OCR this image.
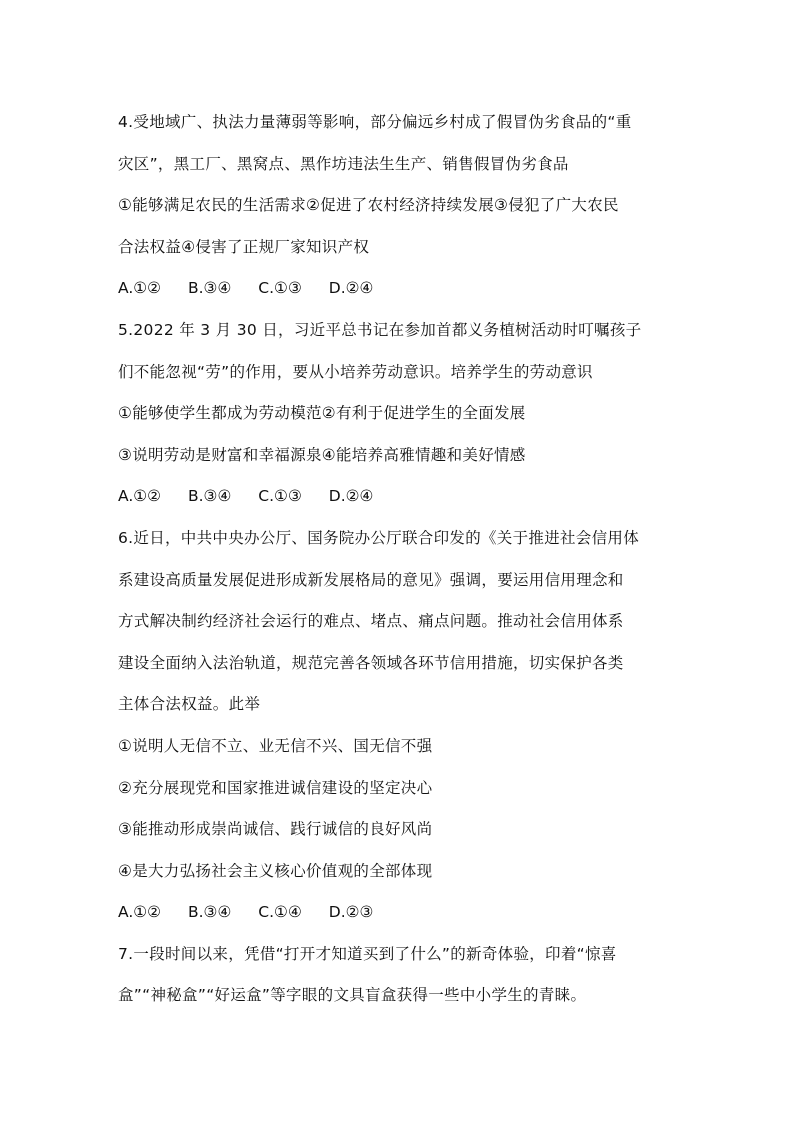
4.受地域广、执法力量薄弱等影响，部分偏远乡村成了假冒伪劣食品的“重
灾区”，黑工厂、黑窝点、黑作坊违法生生产、销售假冒伪劣食品
①能够满足农民的生活需求②促进了农村经济持续发展③侵犯了广大农民
合法权益④侵害了正规厂家知识产权
A.①② B.③④ C.①③ D.②④
5.2022 年 3 月 30 日，习近平总书记在参加首都义务植树活动时叮嘱孩子
们不能忽视“劳”的作用，要从小培养劳动意识。培养学生的劳动意识
①能够使学生都成为劳动模范②有利于促进学生的全面发展
③说明劳动是财富和幸福源泉④能培养高雅情趣和美好情感
A.①② B.③④ C.①③ D.②④
6.近日，中共中央办公厅、国务院办公厅联合印发的《关于推进社会信用体
系建设高质量发展促进形成新发展格局的意见》强调，要运用信用理念和
方式解决制约经济社会运行的难点、堵点、痛点问题。推动社会信用体系
建设全面纳入法治轨道，规范完善各领域各环节信用措施，切实保护各类
主体合法权益。此举
①说明人无信不立、业无信不兴、国无信不强
②充分展现党和国家推进诚信建设的坚定决心
③能推动形成崇尚诚信、践行诚信的良好风尚
④是大力弘扬社会主义核心价值观的全部体现
A.①② B.③④ C.①④ D.②③
7.一段时间以来，凭借“打开才知道买到了什么”的新奇体验，印着“惊喜
盒”“神秘盒”“好运盒”等字眼的文具盲盒获得一些中小学生的青睐。
